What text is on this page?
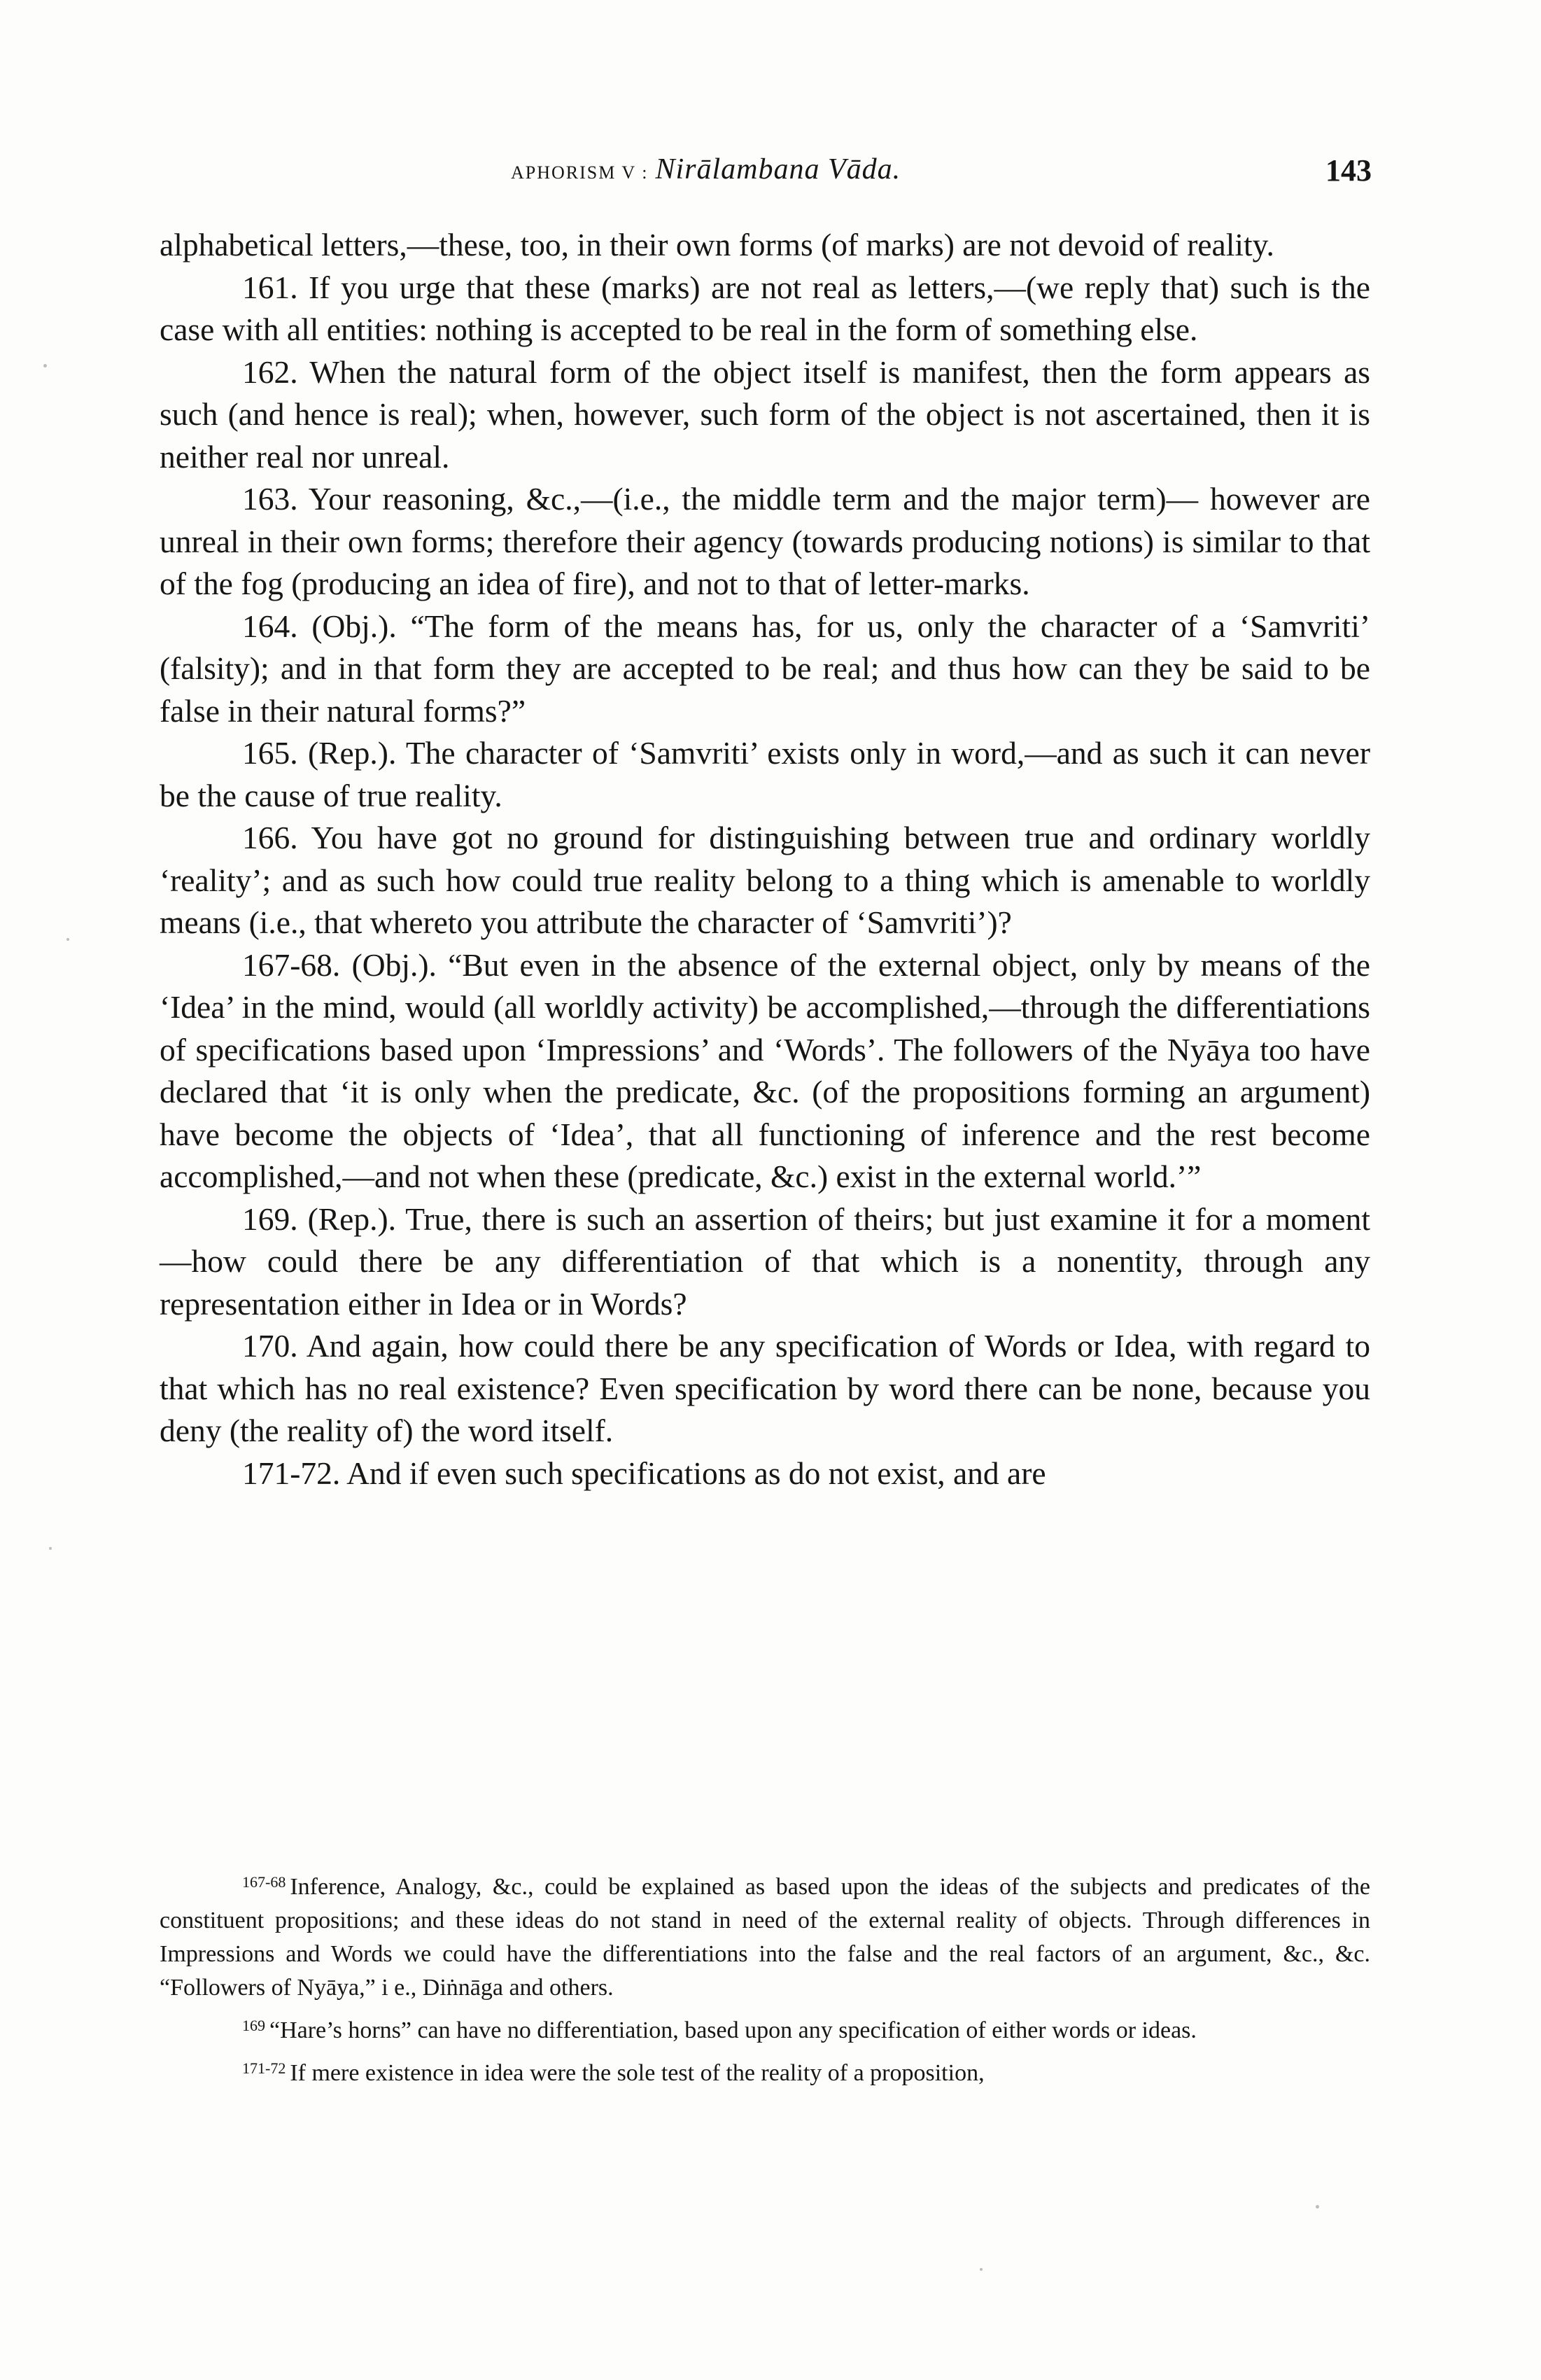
APHORISM V : Nirālambana Vāda.	143

alphabetical letters,—these, too, in their own forms (of marks) are not devoid of reality.

161. If you urge that these (marks) are not real as letters,—(we reply that) such is the case with all entities: nothing is accepted to be real in the form of something else.

162. When the natural form of the object itself is manifest, then the form appears as such (and hence is real); when, however, such form of the object is not ascertained, then it is neither real nor unreal.

163. Your reasoning, &c.,—(i.e., the middle term and the major term)— however are unreal in their own forms; therefore their agency (towards producing notions) is similar to that of the fog (producing an idea of fire), and not to that of letter-marks.

164. (Obj.). “The form of the means has, for us, only the character of a ‘Samvriti’ (falsity); and in that form they are accepted to be real; and thus how can they be said to be false in their natural forms?”

165. (Rep.). The character of ‘Samvriti’ exists only in word,—and as such it can never be the cause of true reality.

166. You have got no ground for distinguishing between true and ordinary worldly ‘reality’; and as such how could true reality belong to a thing which is amenable to worldly means (i.e., that whereto you attribute the character of ‘Samvriti’)?

167-68. (Obj.). “But even in the absence of the external object, only by means of the ‘Idea’ in the mind, would (all worldly activity) be accomplished,—through the differentiations of specifications based upon ‘Impressions’ and ‘Words’. The followers of the Nyāya too have declared that ‘it is only when the predicate, &c. (of the propositions forming an argument) have become the objects of ‘Idea’, that all functioning of inference and the rest become accomplished,—and not when these (predicate, &c.) exist in the external world.’”

169. (Rep.). True, there is such an assertion of theirs; but just examine it for a moment—how could there be any differentiation of that which is a nonentity, through any representation either in Idea or in Words?

170. And again, how could there be any specification of Words or Idea, with regard to that which has no real existence? Even specification by word there can be none, because you deny (the reality of) the word itself.

171-72. And if even such specifications as do not exist, and are

$^{167-68}$ Inference, Analogy, &c., could be explained as based upon the ideas of the subjects and predicates of the constituent propositions; and these ideas do not stand in need of the external reality of objects. Through differences in Impressions and Words we could have the differentiations into the false and the real factors of an argument, &c., &c. “Followers of Nyāya,” i e., Diṅnāga and others.

$^{169}$ “Hare’s horns” can have no differentiation, based upon any specification of either words or ideas.

$^{171-72}$ If mere existence in idea were the sole test of the reality of a proposition,
